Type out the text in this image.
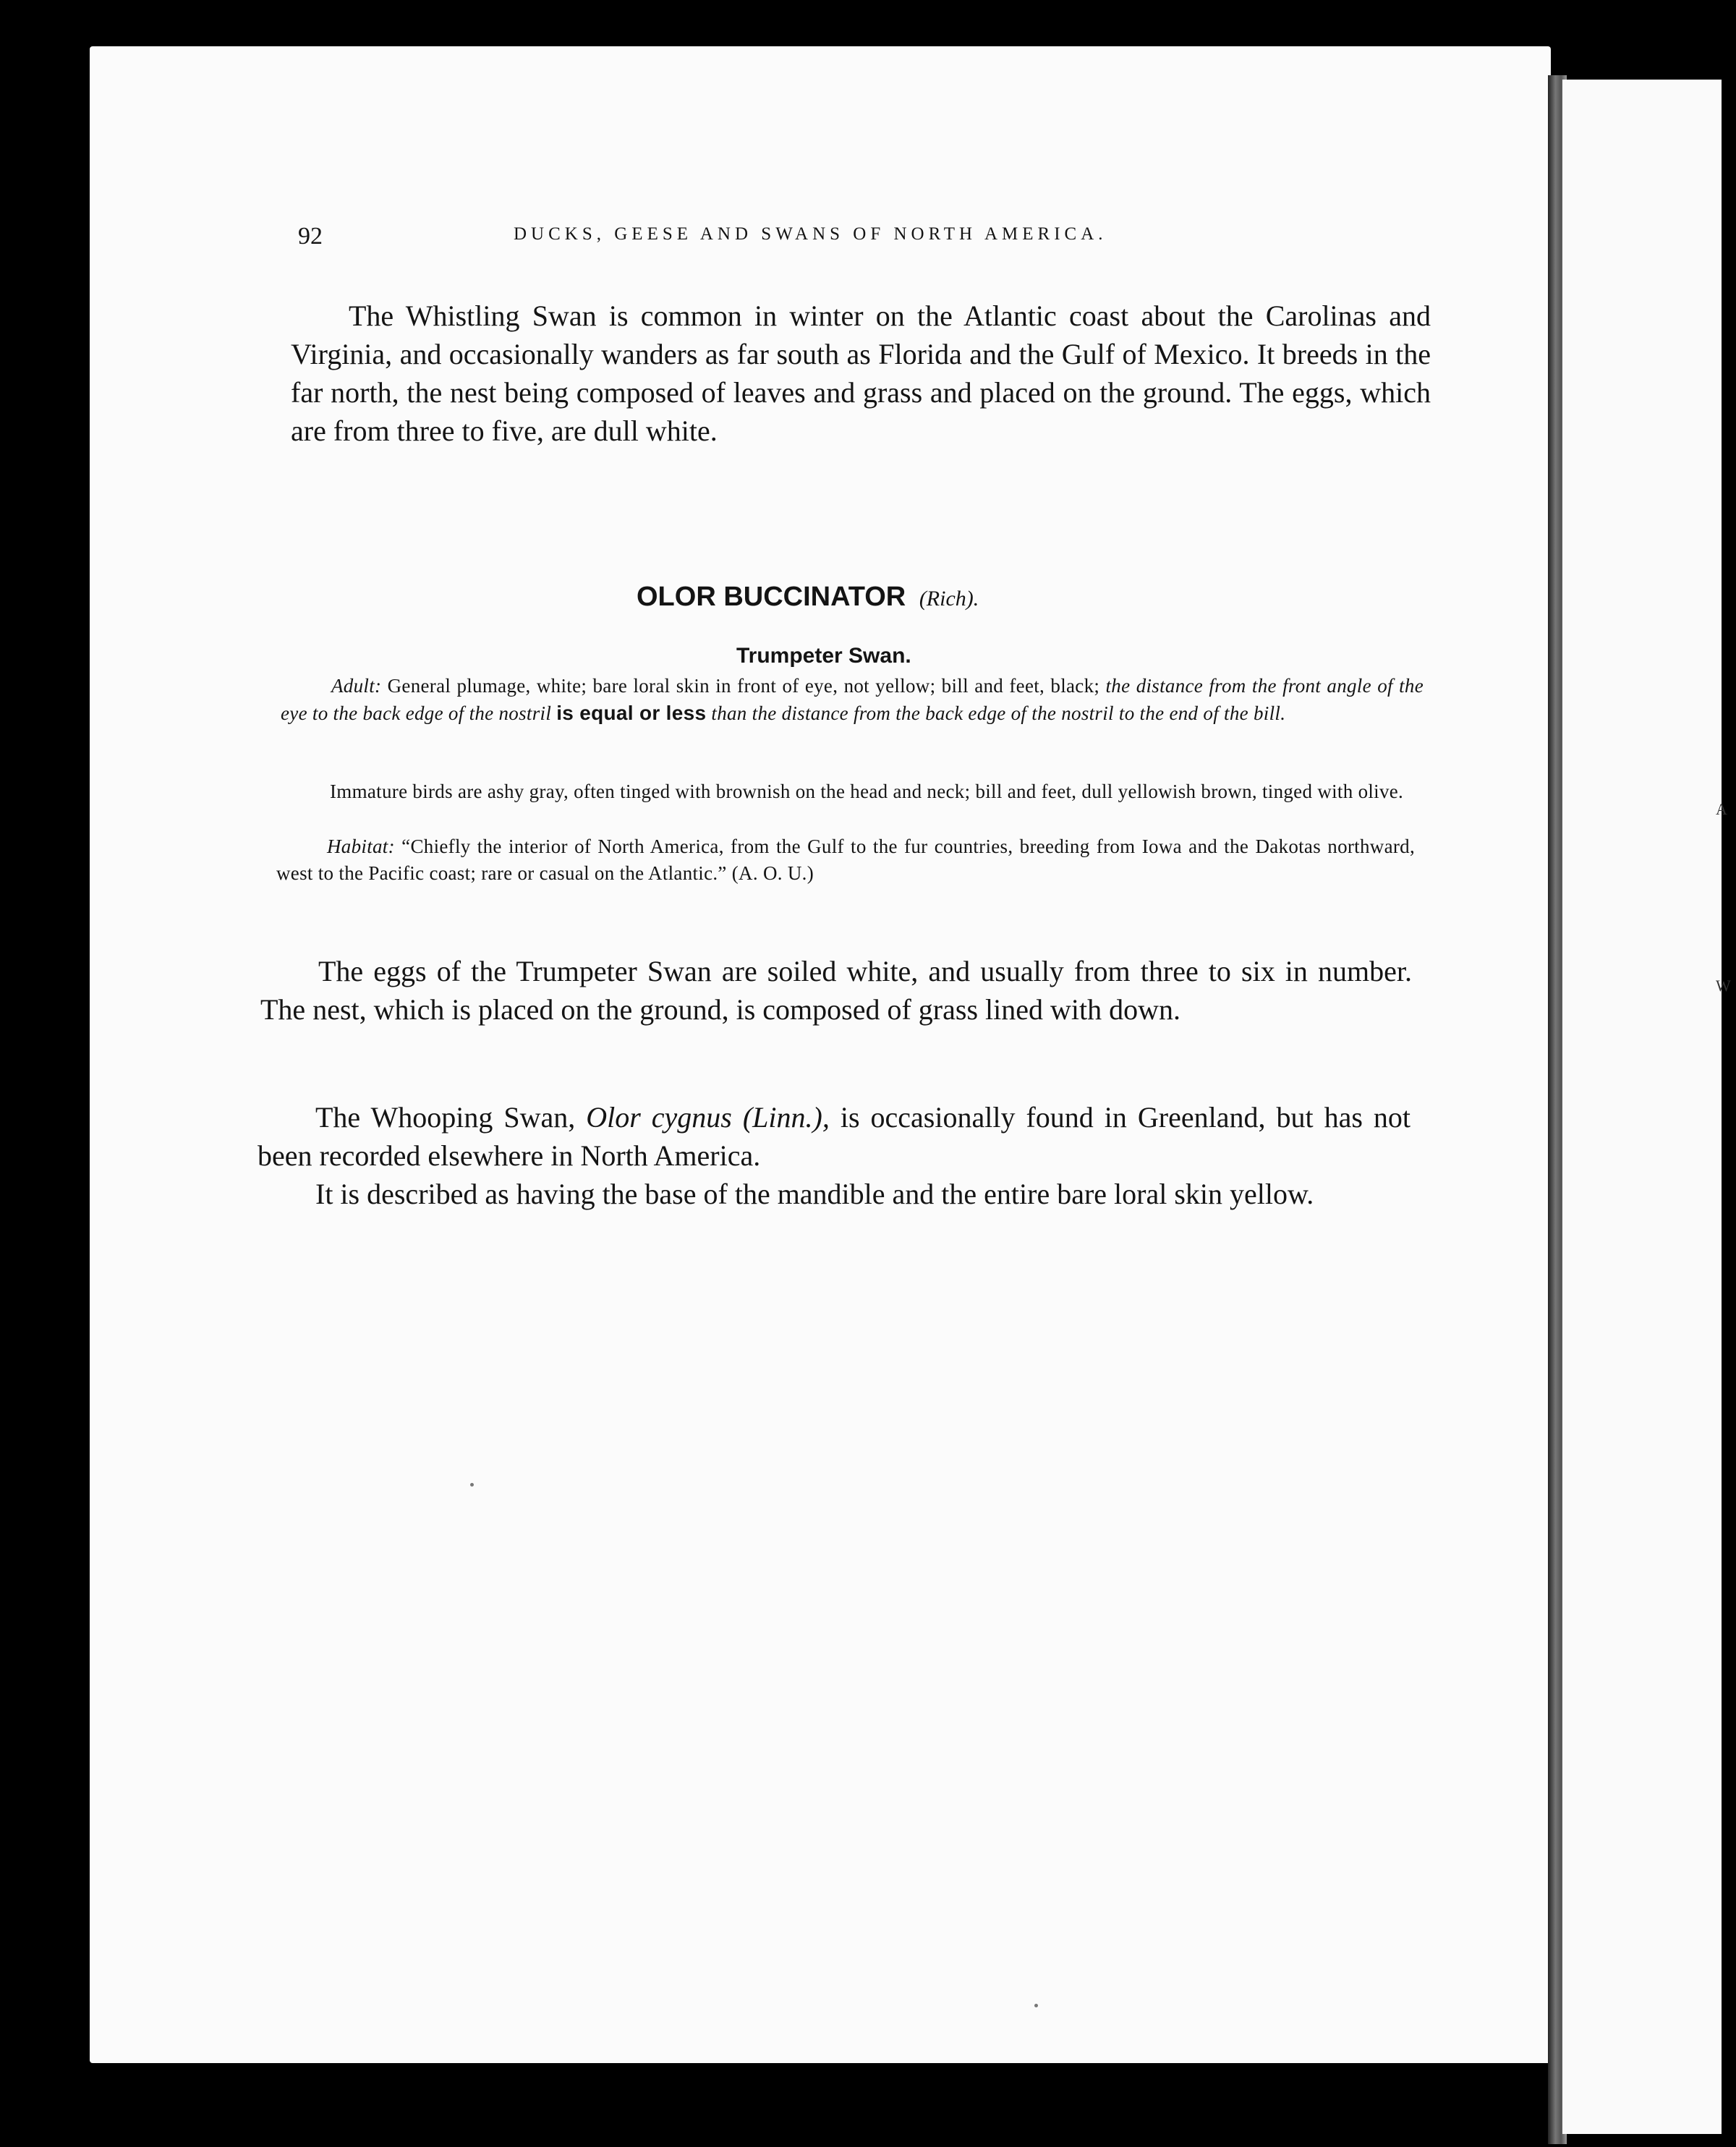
A
W
92	DUCKS, GEESE AND SWANS OF NORTH AMERICA.

The Whistling Swan is common in winter on the Atlantic coast about the Carolinas and Virginia, and occasionally wanders as far south as Florida and the Gulf of Mexico. It breeds in the far north, the nest being composed of leaves and grass and placed on the ground. The eggs, which are from three to five, are dull white.

OLOR BUCCINATOR (Rich).
Trumpeter Swan.

Adult: General plumage, white; bare loral skin in front of eye, not yellow; bill and feet, black; the distance from the front angle of the eye to the back edge of the nostril is equal or less than the distance from the back edge of the nostril to the end of the bill.

Immature birds are ashy gray, often tinged with brownish on the head and neck; bill and feet, dull yellowish brown, tinged with olive.

Habitat: “Chiefly the interior of North America, from the Gulf to the fur countries, breeding from Iowa and the Dakotas northward, west to the Pacific coast; rare or casual on the Atlantic.” (A. O. U.)

The eggs of the Trumpeter Swan are soiled white, and usually from three to six in number. The nest, which is placed on the ground, is composed of grass lined with down.

The Whooping Swan, Olor cygnus (Linn.), is occasionally found in Greenland, but has not been recorded elsewhere in North America.

It is described as having the base of the mandible and the entire bare loral skin yellow.
